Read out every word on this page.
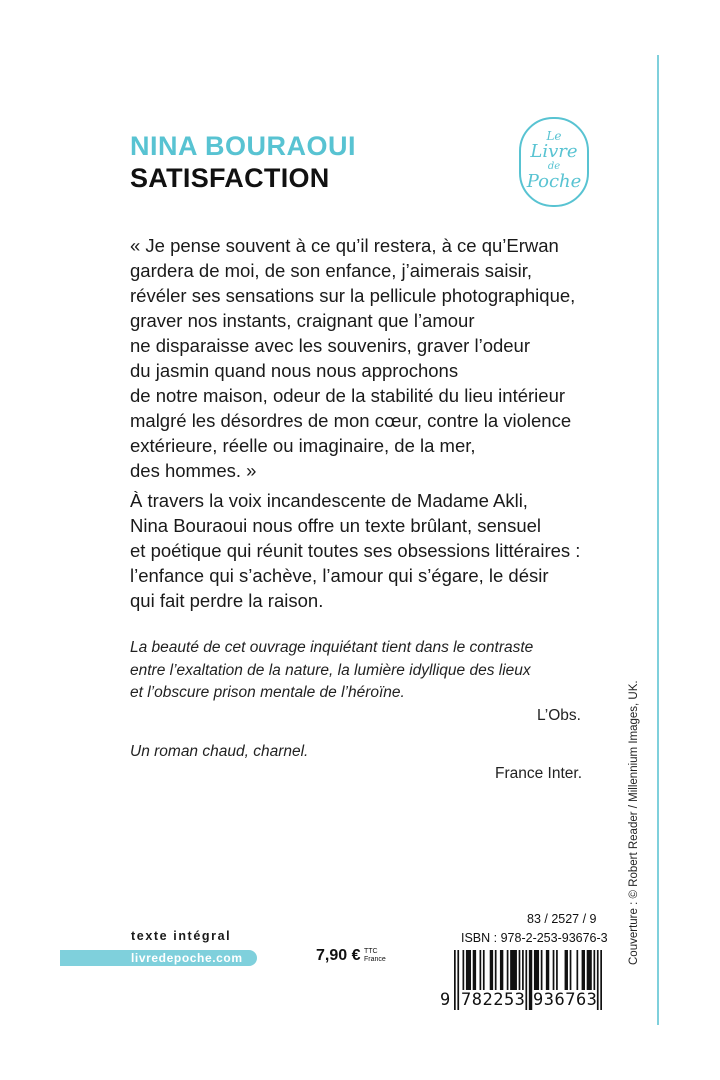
Couverture : © Robert Reader / Millennium Images, UK.
NINA BOURAOUI
SATISFACTION
Le
Livre
de
Poche
« Je pense souvent à ce qu’il restera, à ce qu’Erwan
gardera de moi, de son enfance, j’aimerais saisir,
révéler ses sensations sur la pellicule photographique,
graver nos instants, craignant que l’amour
ne disparaisse avec les souvenirs, graver l’odeur
du jasmin quand nous nous approchons
de notre maison, odeur de la stabilité du lieu intérieur
malgré les désordres de mon cœur, contre la violence
extérieure, réelle ou imaginaire, de la mer,
des hommes. »
À travers la voix incandescente de Madame Akli,
Nina Bouraoui nous offre un texte brûlant, sensuel
et poétique qui réunit toutes ses obsessions littéraires :
l’enfance qui s’achève, l’amour qui s’égare, le désir
qui fait perdre la raison.
La beauté de cet ouvrage inquiétant tient dans le contraste
entre l’exaltation de la nature, la lumière idyllique des lieux
et l’obscure prison mentale de l’héroïne.
L’Obs.
Un roman chaud, charnel.
France Inter.
texte intégral
livredepoche.com	7,90 € TTC
France
83 / 2527 / 9
ISBN : 978-2-253-93676-3
9 782253 936763
